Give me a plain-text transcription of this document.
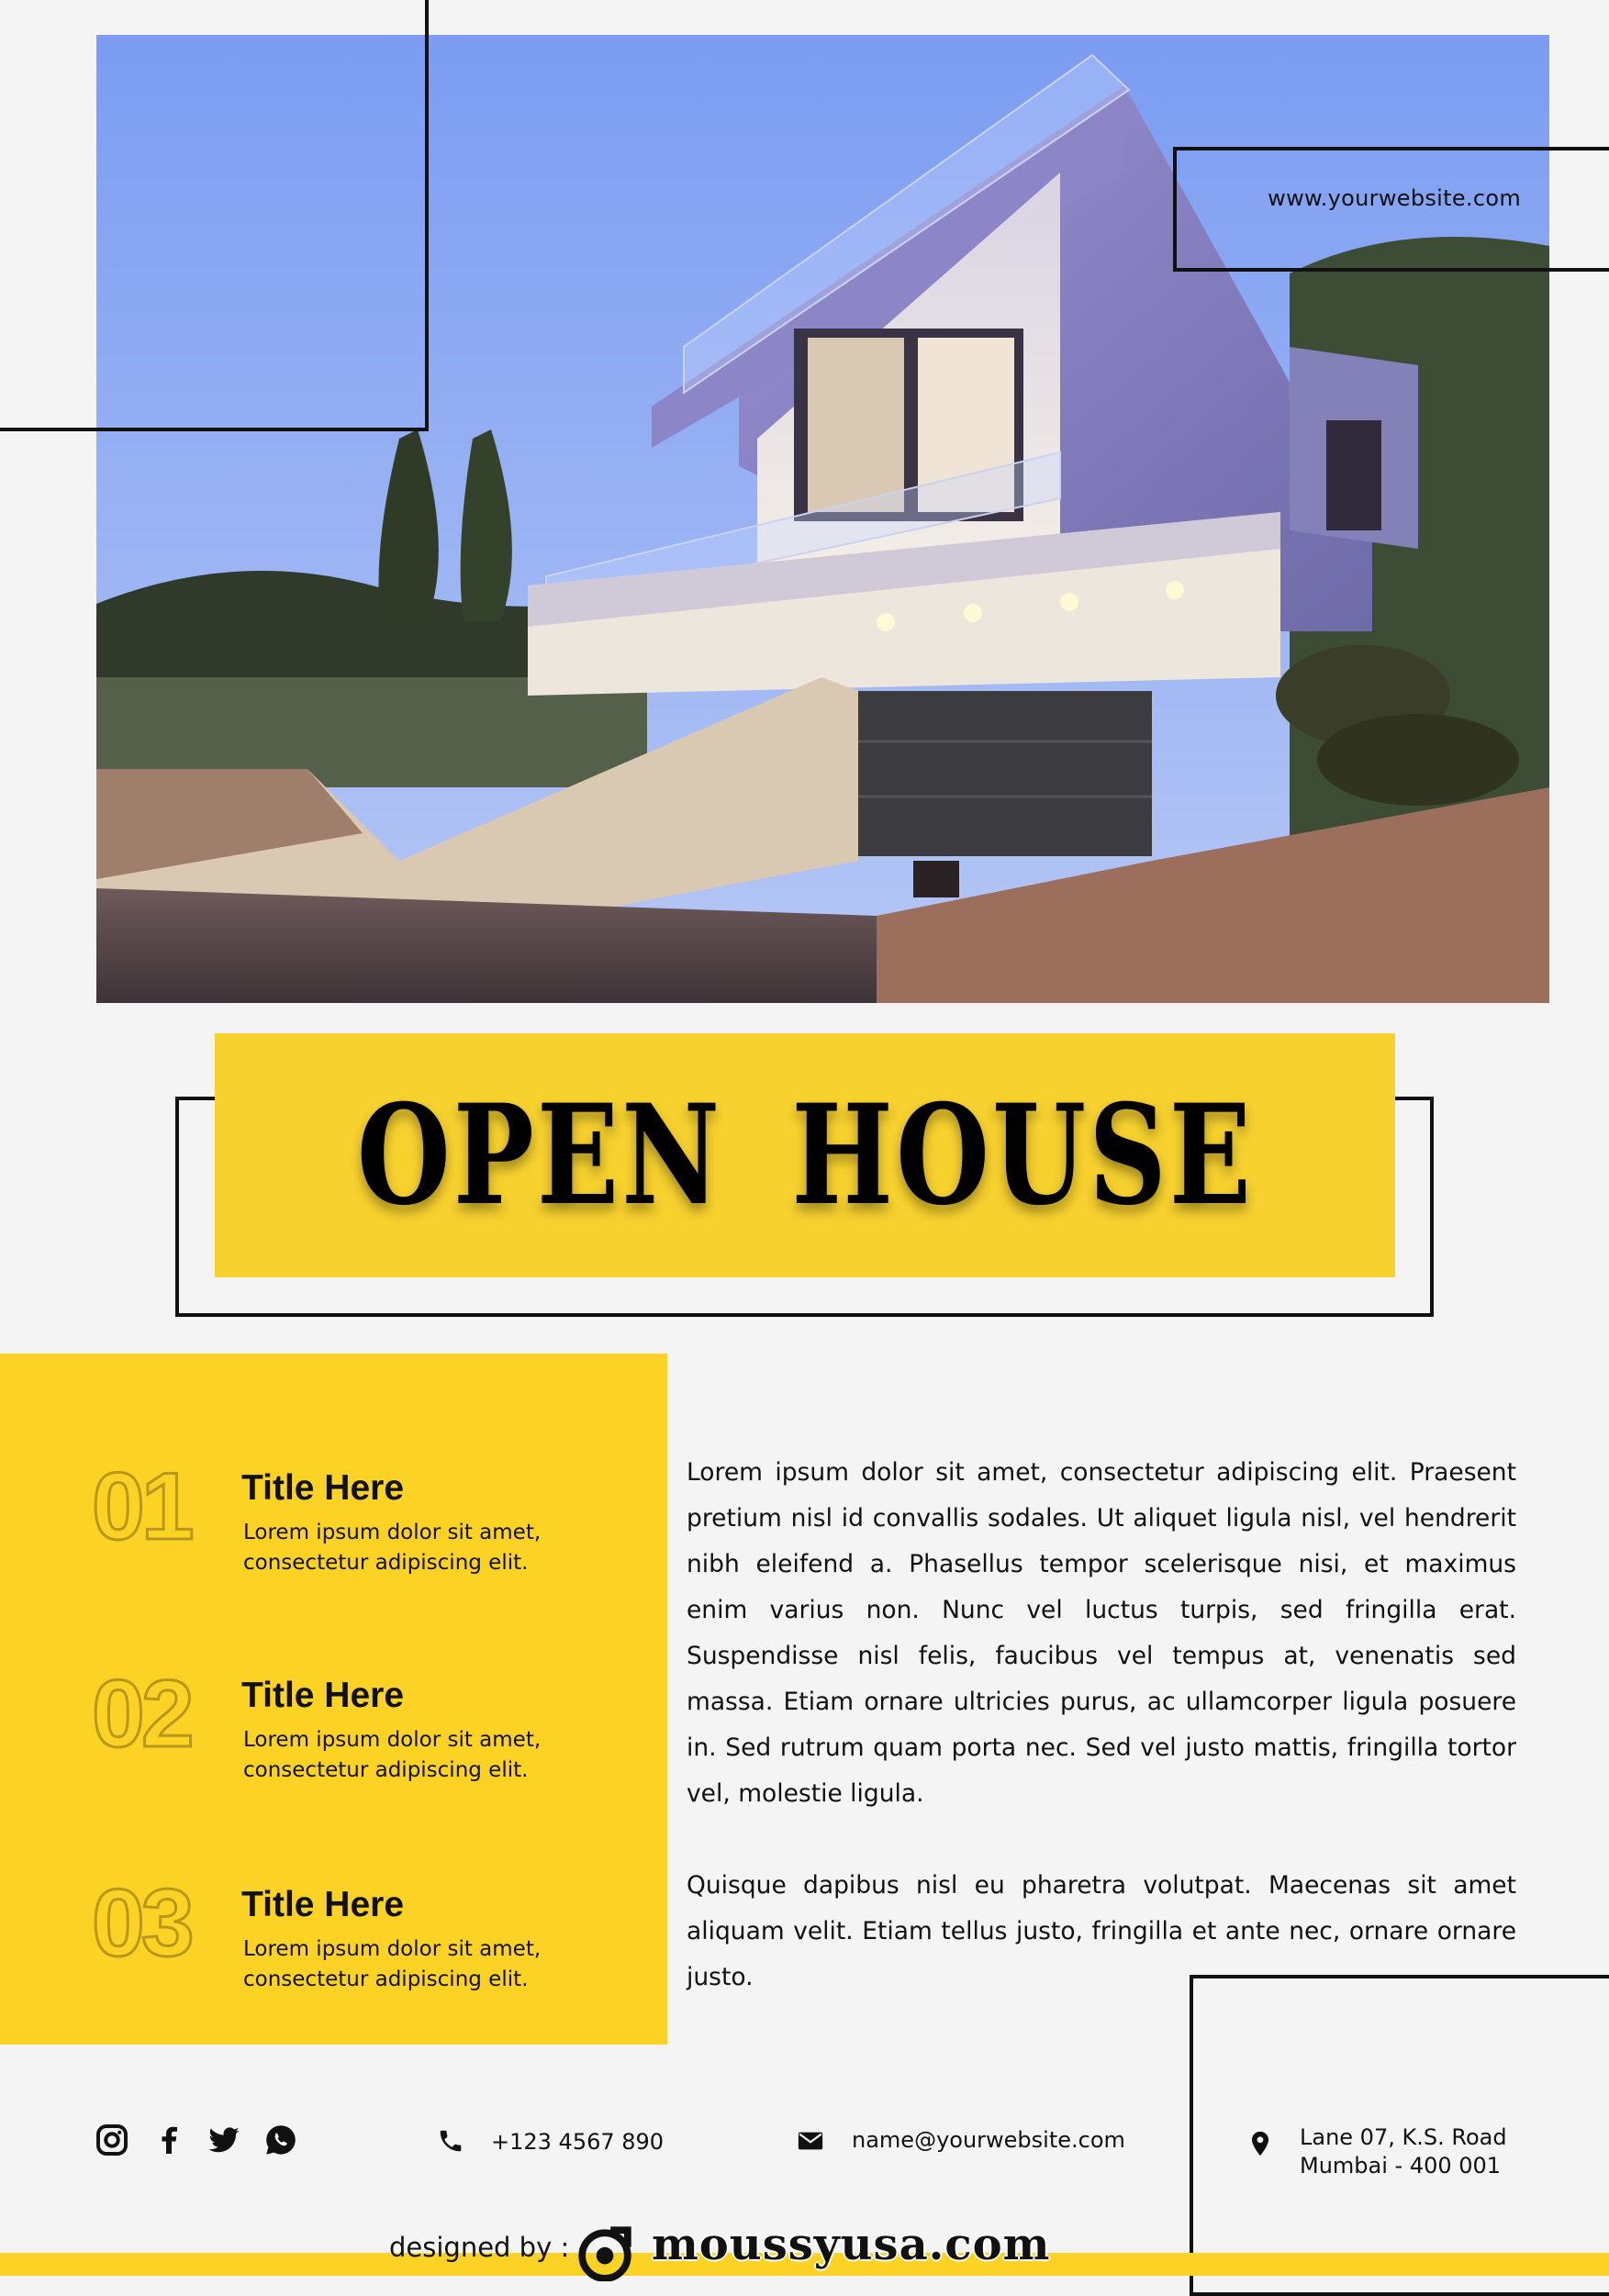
www.yourwebsite.com
OPEN HOUSE
01 Title Here
Lorem ipsum dolor sit amet, consectetur adipiscing elit.
02 Title Here
Lorem ipsum dolor sit amet, consectetur adipiscing elit.
03 Title Here
Lorem ipsum dolor sit amet, consectetur adipiscing elit.
Lorem ipsum dolor sit amet, consectetur adipiscing elit. Praesent pretium nisl id convallis sodales. Ut aliquet ligula nisl, vel hendrerit nibh eleifend a. Phasellus tempor scelerisque nisi, et maximus enim varius non. Nunc vel luctus turpis, sed fringilla erat. Suspendisse nisl felis, faucibus vel tempus at, venenatis sed massa. Etiam ornare ultricies purus, ac ullamcorper ligula posuere in. Sed rutrum quam porta nec. Sed vel justo mattis, fringilla tortor vel, molestie ligula.
Quisque dapibus nisl eu pharetra volutpat. Maecenas sit amet aliquam velit. Etiam tellus justo, fringilla et ante nec, ornare ornare justo.
+123 4567 890	name@yourwebsite.com	Lane 07, K.S. Road
Mumbai - 400 001
designed by : moussyusa.com
